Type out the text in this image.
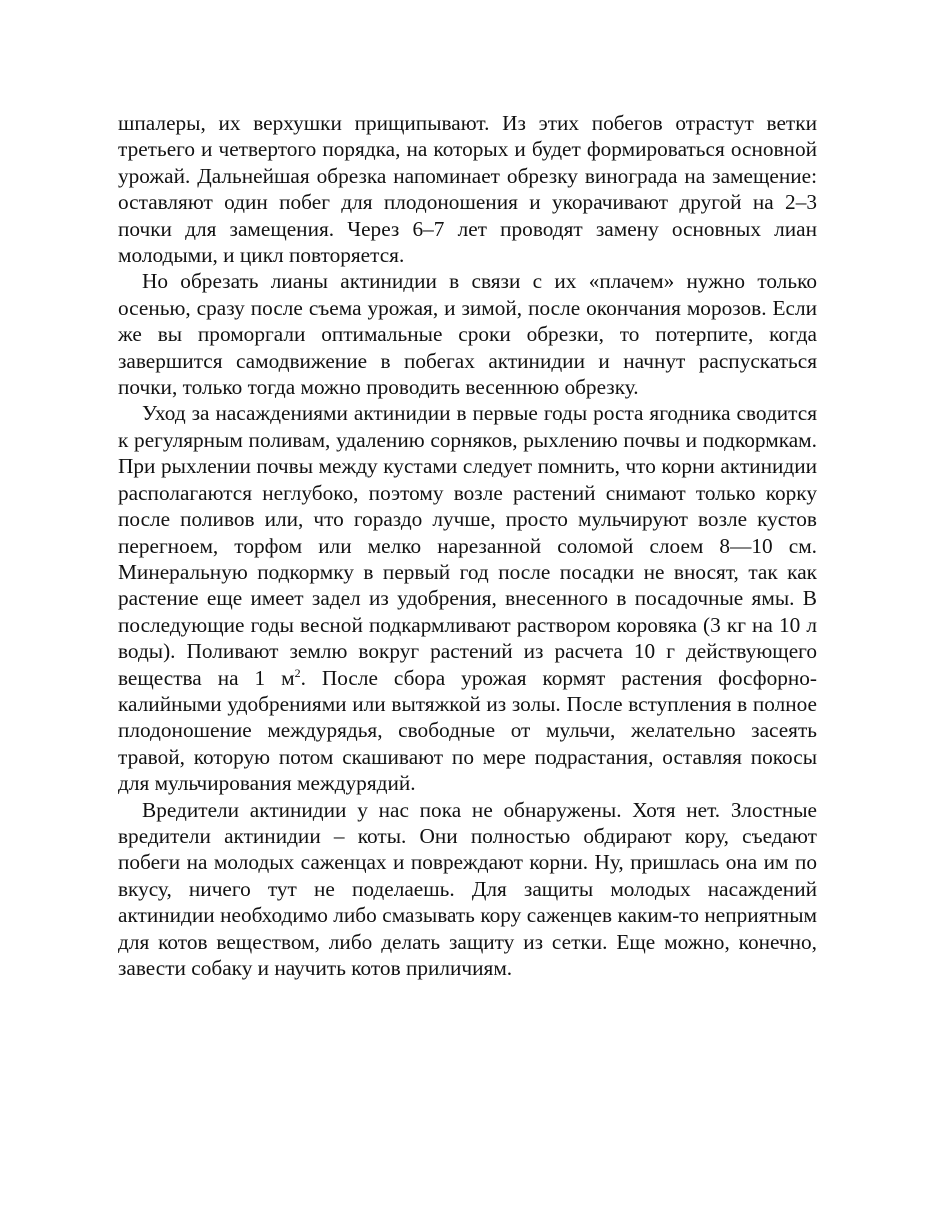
шпалеры, их верхушки прищипывают. Из этих побегов отрастут ветки третьего и четвертого порядка, на которых и будет формироваться основной урожай. Дальнейшая обрезка напоминает обрезку винограда на замещение: оставляют один побег для плодоношения и укорачивают другой на 2–3 почки для замещения. Через 6–7 лет проводят замену основных лиан молодыми, и цикл повторяется.

Но обрезать лианы актинидии в связи с их «плачем» нужно только осенью, сразу после съема урожая, и зимой, после окончания морозов. Если же вы проморгали оптимальные сроки обрезки, то потерпите, когда завершится самодвижение в побегах актинидии и начнут распускаться почки, только тогда можно проводить весеннюю обрезку.

Уход за насаждениями актинидии в первые годы роста ягодника сводится к регулярным поливам, удалению сорняков, рыхлению почвы и подкормкам. При рыхлении почвы между кустами следует помнить, что корни актинидии располагаются неглубоко, поэтому возле растений снимают только корку после поливов или, что гораздо лучше, просто мульчируют возле кустов перегноем, торфом или мелко нарезанной соломой слоем 8—10 см. Минеральную подкормку в первый год после посадки не вносят, так как растение еще имеет задел из удобрения, внесенного в посадочные ямы. В последующие годы весной подкармливают раствором коровяка (3 кг на 10 л воды). Поливают землю вокруг растений из расчета 10 г действующего вещества на 1 $м^2$. После сбора урожая кормят растения фосфорно-калийными удобрениями или вытяжкой из золы. После вступления в полное плодоношение междурядья, свободные от мульчи, желательно засеять травой, которую потом скашивают по мере подрастания, оставляя покосы для мульчирования междурядий.

Вредители актинидии у нас пока не обнаружены. Хотя нет. Злостные вредители актинидии – коты. Они полностью обдирают кору, съедают побеги на молодых саженцах и повреждают корни. Ну, пришлась она им по вкусу, ничего тут не поделаешь. Для защиты молодых насаждений актинидии необходимо либо смазывать кору саженцев каким-то неприятным для котов веществом, либо делать защиту из сетки. Еще можно, конечно, завести собаку и научить котов приличиям.
